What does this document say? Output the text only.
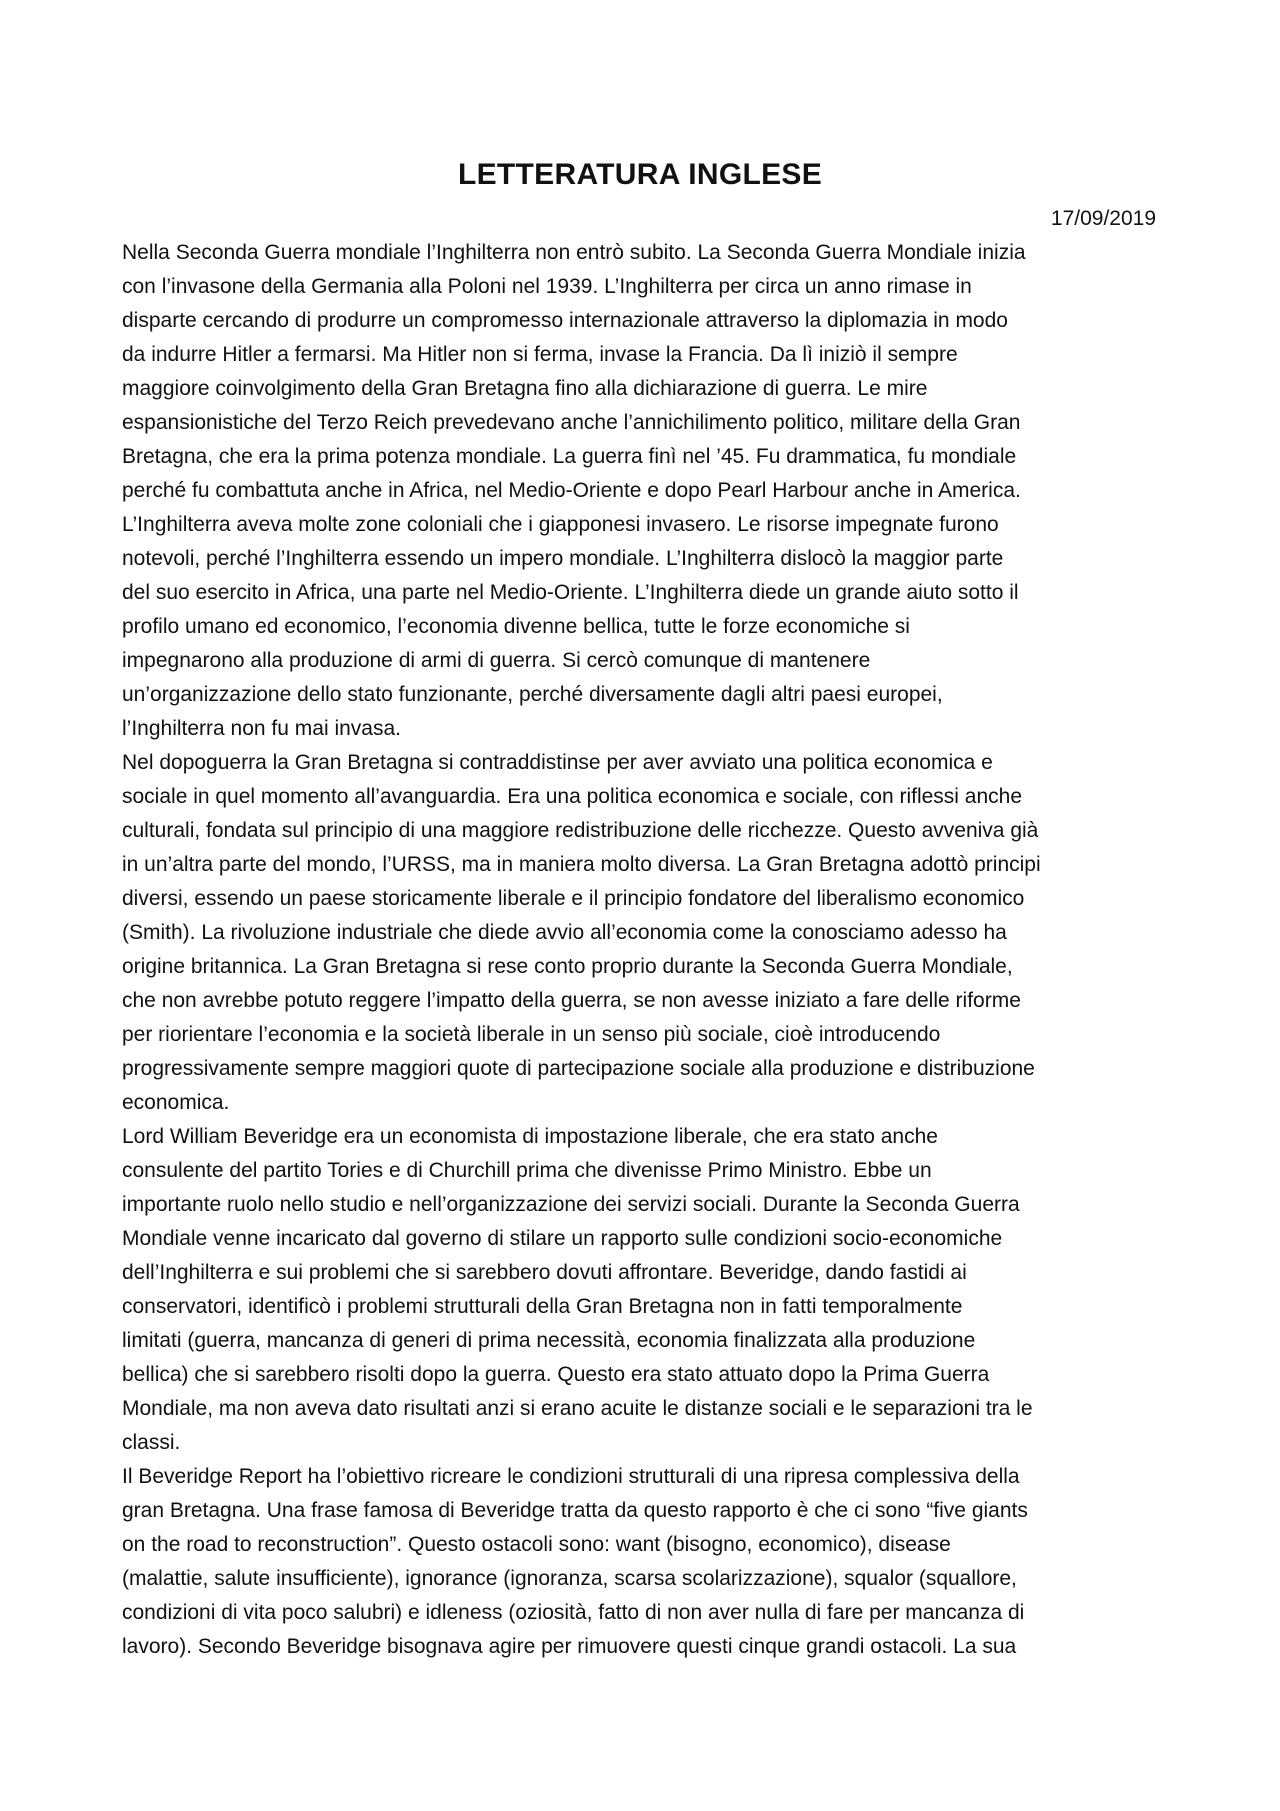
LETTERATURA INGLESE
17/09/2019

Nella Seconda Guerra mondiale l’Inghilterra non entrò subito. La Seconda Guerra Mondiale inizia
con l’invasone della Germania alla Poloni nel 1939. L’Inghilterra per circa un anno rimase in
disparte cercando di produrre un compromesso internazionale attraverso la diplomazia in modo
da indurre Hitler a fermarsi. Ma Hitler non si ferma, invase la Francia. Da lì iniziò il sempre
maggiore coinvolgimento della Gran Bretagna fino alla dichiarazione di guerra. Le mire
espansionistiche del Terzo Reich prevedevano anche l’annichilimento politico, militare della Gran
Bretagna, che era la prima potenza mondiale. La guerra finì nel ’45. Fu drammatica, fu mondiale
perché fu combattuta anche in Africa, nel Medio-Oriente e dopo Pearl Harbour anche in America.
L’Inghilterra aveva molte zone coloniali che i giapponesi invasero. Le risorse impegnate furono
notevoli, perché l’Inghilterra essendo un impero mondiale. L’Inghilterra dislocò la maggior parte
del suo esercito in Africa, una parte nel Medio-Oriente. L’Inghilterra diede un grande aiuto sotto il
profilo umano ed economico, l’economia divenne bellica, tutte le forze economiche si
impegnarono alla produzione di armi di guerra. Si cercò comunque di mantenere
un’organizzazione dello stato funzionante, perché diversamente dagli altri paesi europei,
l’Inghilterra non fu mai invasa.

Nel dopoguerra la Gran Bretagna si contraddistinse per aver avviato una politica economica e
sociale in quel momento all’avanguardia. Era una politica economica e sociale, con riflessi anche
culturali, fondata sul principio di una maggiore redistribuzione delle ricchezze. Questo avveniva già
in un’altra parte del mondo, l’URSS, ma in maniera molto diversa. La Gran Bretagna adottò principi
diversi, essendo un paese storicamente liberale e il principio fondatore del liberalismo economico
(Smith). La rivoluzione industriale che diede avvio all’economia come la conosciamo adesso ha
origine britannica. La Gran Bretagna si rese conto proprio durante la Seconda Guerra Mondiale,
che non avrebbe potuto reggere l’impatto della guerra, se non avesse iniziato a fare delle riforme
per riorientare l’economia e la società liberale in un senso più sociale, cioè introducendo
progressivamente sempre maggiori quote di partecipazione sociale alla produzione e distribuzione
economica.

Lord William Beveridge era un economista di impostazione liberale, che era stato anche
consulente del partito Tories e di Churchill prima che divenisse Primo Ministro. Ebbe un
importante ruolo nello studio e nell’organizzazione dei servizi sociali. Durante la Seconda Guerra
Mondiale venne incaricato dal governo di stilare un rapporto sulle condizioni socio-economiche
dell’Inghilterra e sui problemi che si sarebbero dovuti affrontare. Beveridge, dando fastidi ai
conservatori, identificò i problemi strutturali della Gran Bretagna non in fatti temporalmente
limitati (guerra, mancanza di generi di prima necessità, economia finalizzata alla produzione
bellica) che si sarebbero risolti dopo la guerra. Questo era stato attuato dopo la Prima Guerra
Mondiale, ma non aveva dato risultati anzi si erano acuite le distanze sociali e le separazioni tra le
classi.

Il Beveridge Report ha l’obiettivo ricreare le condizioni strutturali di una ripresa complessiva della
gran Bretagna. Una frase famosa di Beveridge tratta da questo rapporto è che ci sono “five giants
on the road to reconstruction”. Questo ostacoli sono: want (bisogno, economico), disease
(malattie, salute insufficiente), ignorance (ignoranza, scarsa scolarizzazione), squalor (squallore,
condizioni di vita poco salubri) e idleness (oziosità, fatto di non aver nulla di fare per mancanza di
lavoro). Secondo Beveridge bisognava agire per rimuovere questi cinque grandi ostacoli. La sua
